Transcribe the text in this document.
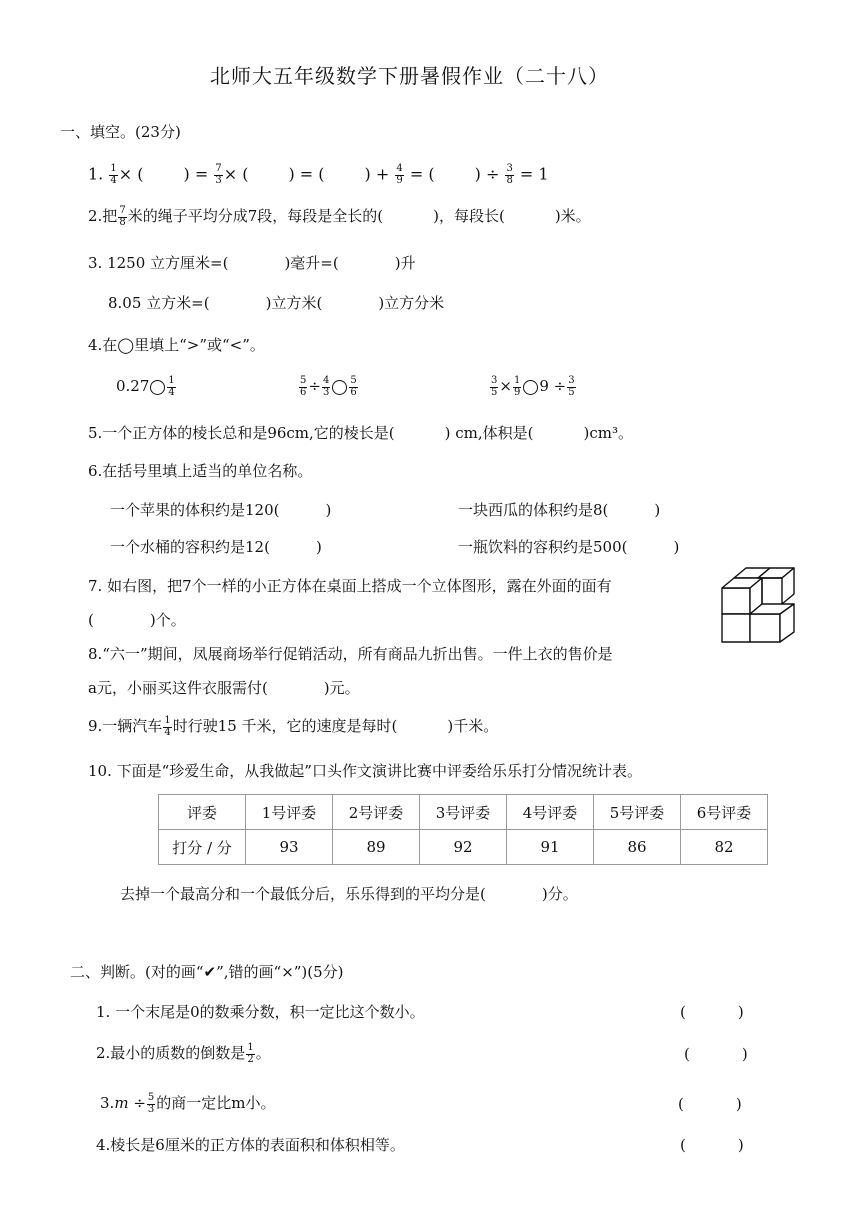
北师大五年级数学下册暑假作业（二十八）
一、填空。(23分)
1. $\frac{1}{4}$ × (	) = $\frac{7}{3}$ × (	) = (	) + $\frac{4}{9}$ = (	) ÷ $\frac{3}{8} = 1$
2.把 $\frac{7}{8}$ 米的绳子平均分成7段，每段是全长的(	)，每段长(	)米。
3. 1250 立方厘米=(	)毫升=(	)升
8.05 立方米=(	)立方米(	)立方分米
4.在◯里填上“>”或“<”。
$0.27 \frac{1}{4}$	$\frac{5}{6} \div \frac{4}{3} \frac{5}{6}$	$\frac{3}{5} \times \frac{1}{9} 9 \div \frac{3}{5}$
5.一个正方体的棱长总和是96cm,它的棱长是(	) cm,体积是(	)cm³。
6.在括号里填上适当的单位名称。
一个苹果的体积约是120(	)	一块西瓜的体积约是8(	)
一个水桶的容积约是12(	)	一瓶饮料的容积约是500(	)
7. 如右图，把7个一样的小正方体在桌面上搭成一个立体图形，露在外面的面有
(	)个。
8.“六一”期间，凤展商场举行促销活动，所有商品九折出售。一件上衣的售价是
a元，小丽买这件衣服需付(	)元。
9.一辆汽车 $\frac{1}{4}$ 时行驶15 千米，它的速度是每时(	)千米。
10. 下面是“珍爱生命，从我做起”口头作文演讲比赛中评委给乐乐打分情况统计表。
评委	1号评委	2号评委	3号评委	4号评委	5号评委	6号评委
打分 / 分	93	89	92	91	86	82
去掉一个最高分和一个最低分后，乐乐得到的平均分是(	)分。
二、判断。(对的画“✔”,错的画“×”)(5分)
1. 一个末尾是0的数乘分数，积一定比这个数小。	(	)
2.最小的质数的倒数是 $\frac{1}{2}$ 。	(	)
$3.m \div \frac{5}{3}$ 的商一定比m小。	(	)
4.棱长是6厘米的正方体的表面积和体积相等。	(	)
